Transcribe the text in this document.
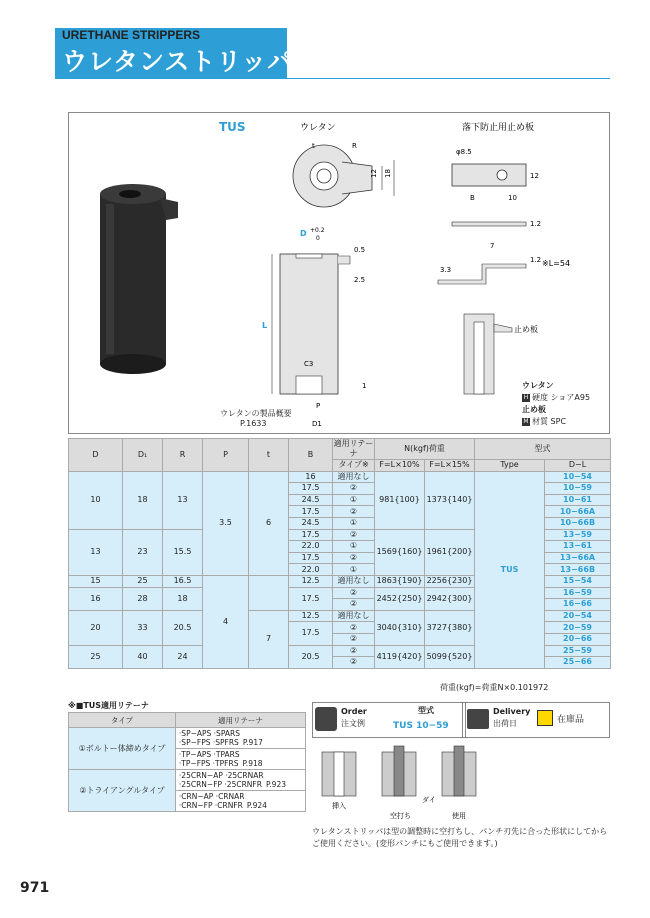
URETHANE STRIPPERS
ウレタンストリッパ
TUS	ウレタン	落下防止用止め板
12 18
R
t
φ8.5
B	10
12
1.2
7
3.3
1.2 ※L=54
D +0.2
0
L
C3
P
D1
0.5
2.5
1
止め板
ウレタンの製品概要
P.1633
ウレタン
H 硬度 ショアA95
止め板
M 材質 SPC
D	D₁	R	P	t	B	適用リテーナ	N(kgf)荷重		型式	
						タイプ※	F=L×10%	F=L×15%	Type	D−L
10	18	13	3.5	6	16	適用なし	981{100}	1373{140}	TUS	10−54
					17.5	②				10−59
					24.5	①				10−61
					17.5	②				10−66A
					24.5	①				10−66B
13	23	15.5			17.5	②	1569{160}	1961{200}		13−59
					22.0	①				13−61
					17.5	②				13−66A
					22.0	①				13−66B
15	25	16.5	4		12.5	適用なし	1863{190}	2256{230}		15−54
16	28	18			17.5	②	2452{250}	2942{300}		16−59
						②				16−66
20	33	20.5		7	12.5	適用なし	3040{310}	3727{380}		20−54
					17.5	②				20−59
						②				20−66
25	40	24			20.5	②	4119{420}	5099{520}		25−59
						②				25−66
荷重(kgf)=荷重N×0.101972
※■TUS適用リテーナ
タイプ	適用リテーナ
①ボルトー体締めタイプ	·SP−APS ·SPARS
·SP−FPS ·SPFRS P.917
	·TP−APS ·TPARS
·TP−FPS ·TPFRS P.918
②トライアングルタイプ	·25CRN−AP ·25CRNAR
·25CRN−FP ·25CRNFR P.923
	·CRN−AP ·CRNAR
·CRN−FP ·CRNFR P.924
Order
注文例
型式
TUS 10−59
Delivery
出荷日	在庫品
挿入
空打ち
ダイ
使用
ウレタンストリッパは型の調整時に空打ちし、パンチ刃先に合った形状にしてからご使用ください。(変形パンチにもご使用できます。)
971
